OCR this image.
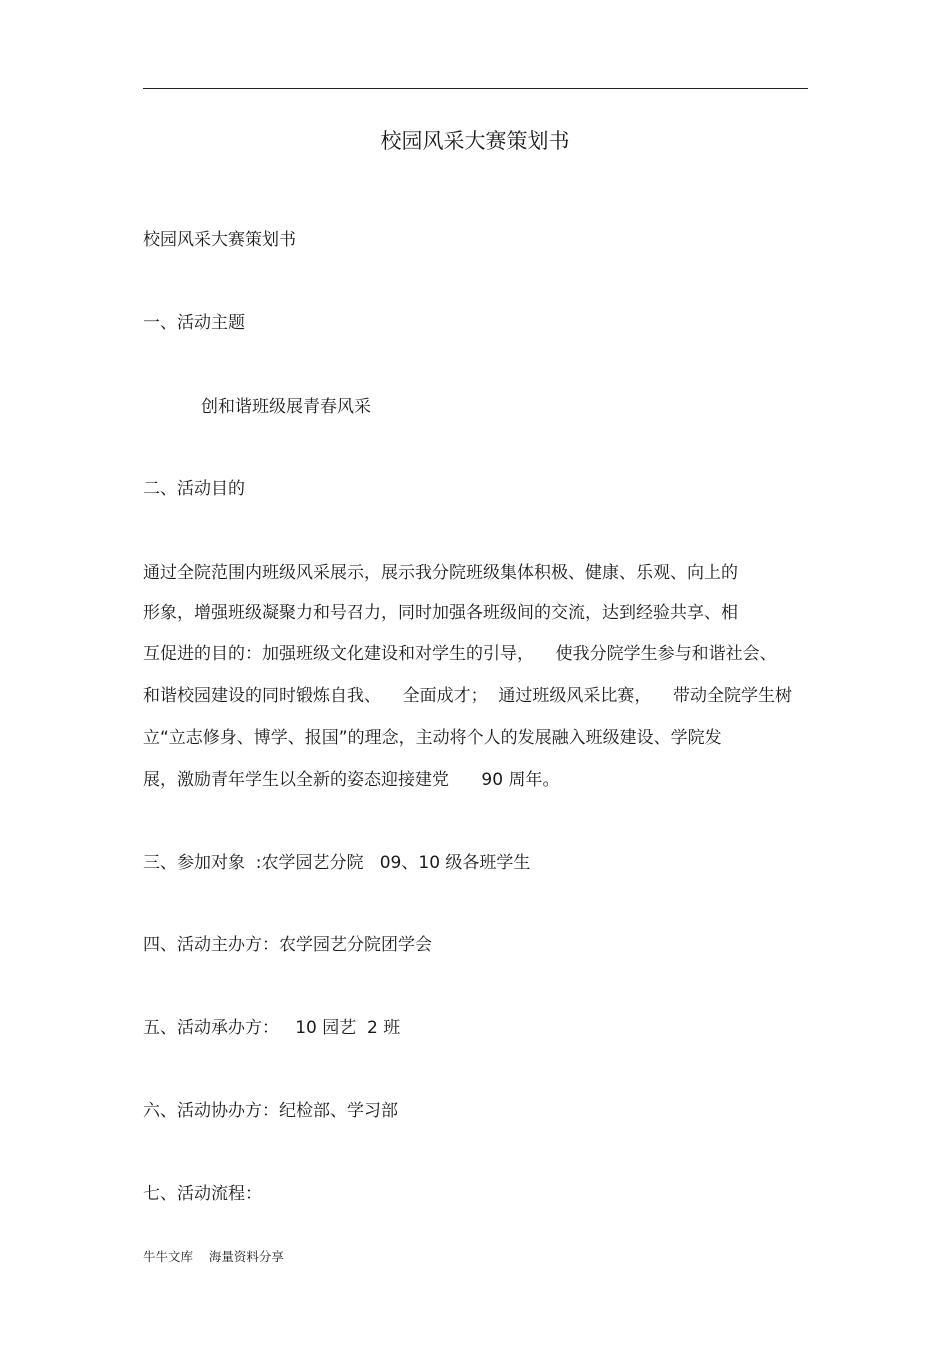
校园风采大赛策划书
校园风采大赛策划书
一、活动主题
创和谐班级展青春风采
二、活动目的
通过全院范围内班级风采展示，展示我分院班级集体积极、健康、乐观、向上的
形象，增强班级凝聚力和号召力，同时加强各班级间的交流，达到经验共享、相
互促进的目的：加强班级文化建设和对学生的引导，    使我分院学生参与和谐社会、
和谐校园建设的同时锻炼自我、    全面成才；  通过班级风采比赛，    带动全院学生树
立“立志修身、博学、报国”的理念，主动将个人的发展融入班级建设、学院发
展，激励青年学生以全新的姿态迎接建党      90 周年。
三、参加对象  :农学园艺分院   09、10 级各班学生
四、活动主办方：农学园艺分院团学会
五、活动承办方：   10 园艺  2 班
六、活动协办方：纪检部、学习部
七、活动流程：
牛牛文库    海量资料分享
